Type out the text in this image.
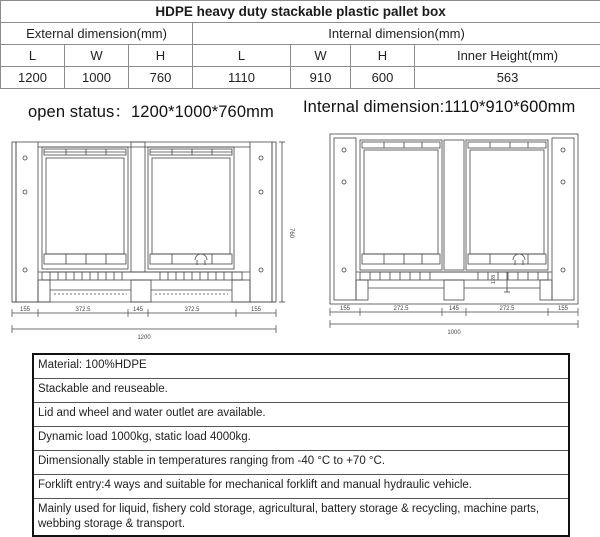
HDPE heavy duty stackable plastic pallet box						
External dimension(mm)			Internal dimension(mm)			
L	W	H	L	W	H	Inner Height(mm)
1200	1000	760	1110	910	600	563
open status：1200*1000*760mm
760
155	372.5	145	372.5	155
1200
Internal dimension:1110*910*600mm
128
155	272.5	145	272.5	155
1000
Material: 100%HDPE
Stackable and reuseable.
Lid and wheel and water outlet are available.
Dynamic load 1000kg, static load 4000kg.
Dimensionally stable in temperatures ranging from -40 °C to +70 °C.
Forklift entry:4 ways and suitable for mechanical forklift and manual hydraulic vehicle.
Mainly used for liquid, fishery cold storage, agricultural, battery storage & recycling, machine parts, webbing storage & transport.
